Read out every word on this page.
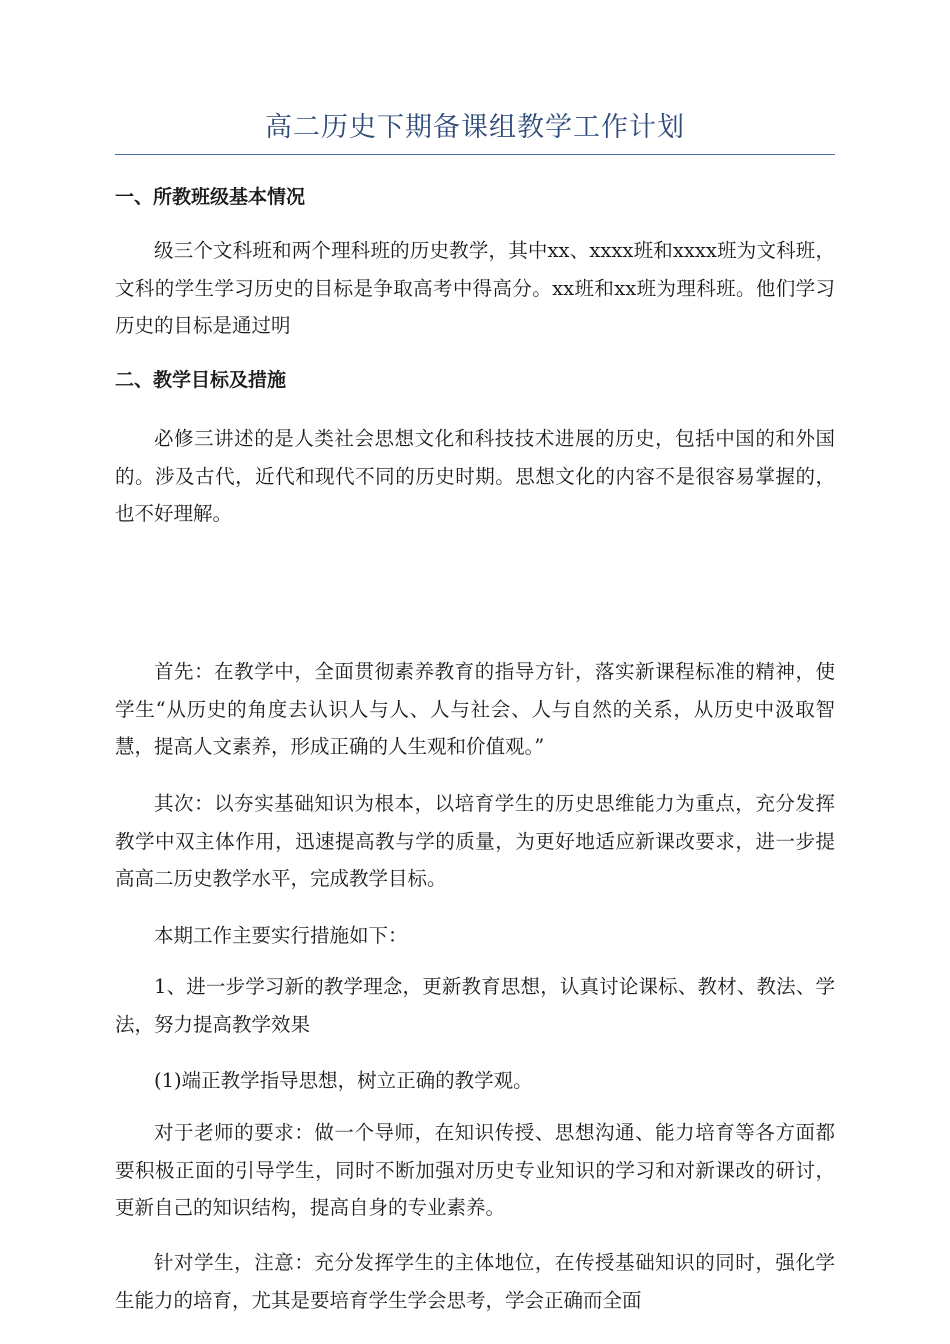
高二历史下期备课组教学工作计划
一、所教班级基本情况

级三个文科班和两个理科班的历史教学，其中xx、xxxx班和xxxx班为文科班，文科的学生学习历史的目标是争取高考中得高分。xx班和xx班为理科班。他们学习历史的目标是通过明

二、教学目标及措施

必修三讲述的是人类社会思想文化和科技技术进展的历史，包括中国的和外国的。涉及古代，近代和现代不同的历史时期。思想文化的内容不是很容易掌握的，也不好理解。

首先：在教学中，全面贯彻素养教育的指导方针，落实新课程标准的精神，使学生“从历史的角度去认识人与人、人与社会、人与自然的关系，从历史中汲取智慧，提高人文素养，形成正确的人生观和价值观。”

其次：以夯实基础知识为根本，以培育学生的历史思维能力为重点，充分发挥教学中双主体作用，迅速提高教与学的质量，为更好地适应新课改要求，进一步提高高二历史教学水平，完成教学目标。

本期工作主要实行措施如下：

1、进一步学习新的教学理念，更新教育思想，认真讨论课标、教材、教法、学法，努力提高教学效果

(1)端正教学指导思想，树立正确的教学观。

对于老师的要求：做一个导师，在知识传授、思想沟通、能力培育等各方面都要积极正面的引导学生，同时不断加强对历史专业知识的学习和对新课改的研讨，更新自己的知识结构，提高自身的专业素养。

针对学生，注意：充分发挥学生的主体地位，在传授基础知识的同时，强化学生能力的培育，尤其是要培育学生学会思考，学会正确而全面
